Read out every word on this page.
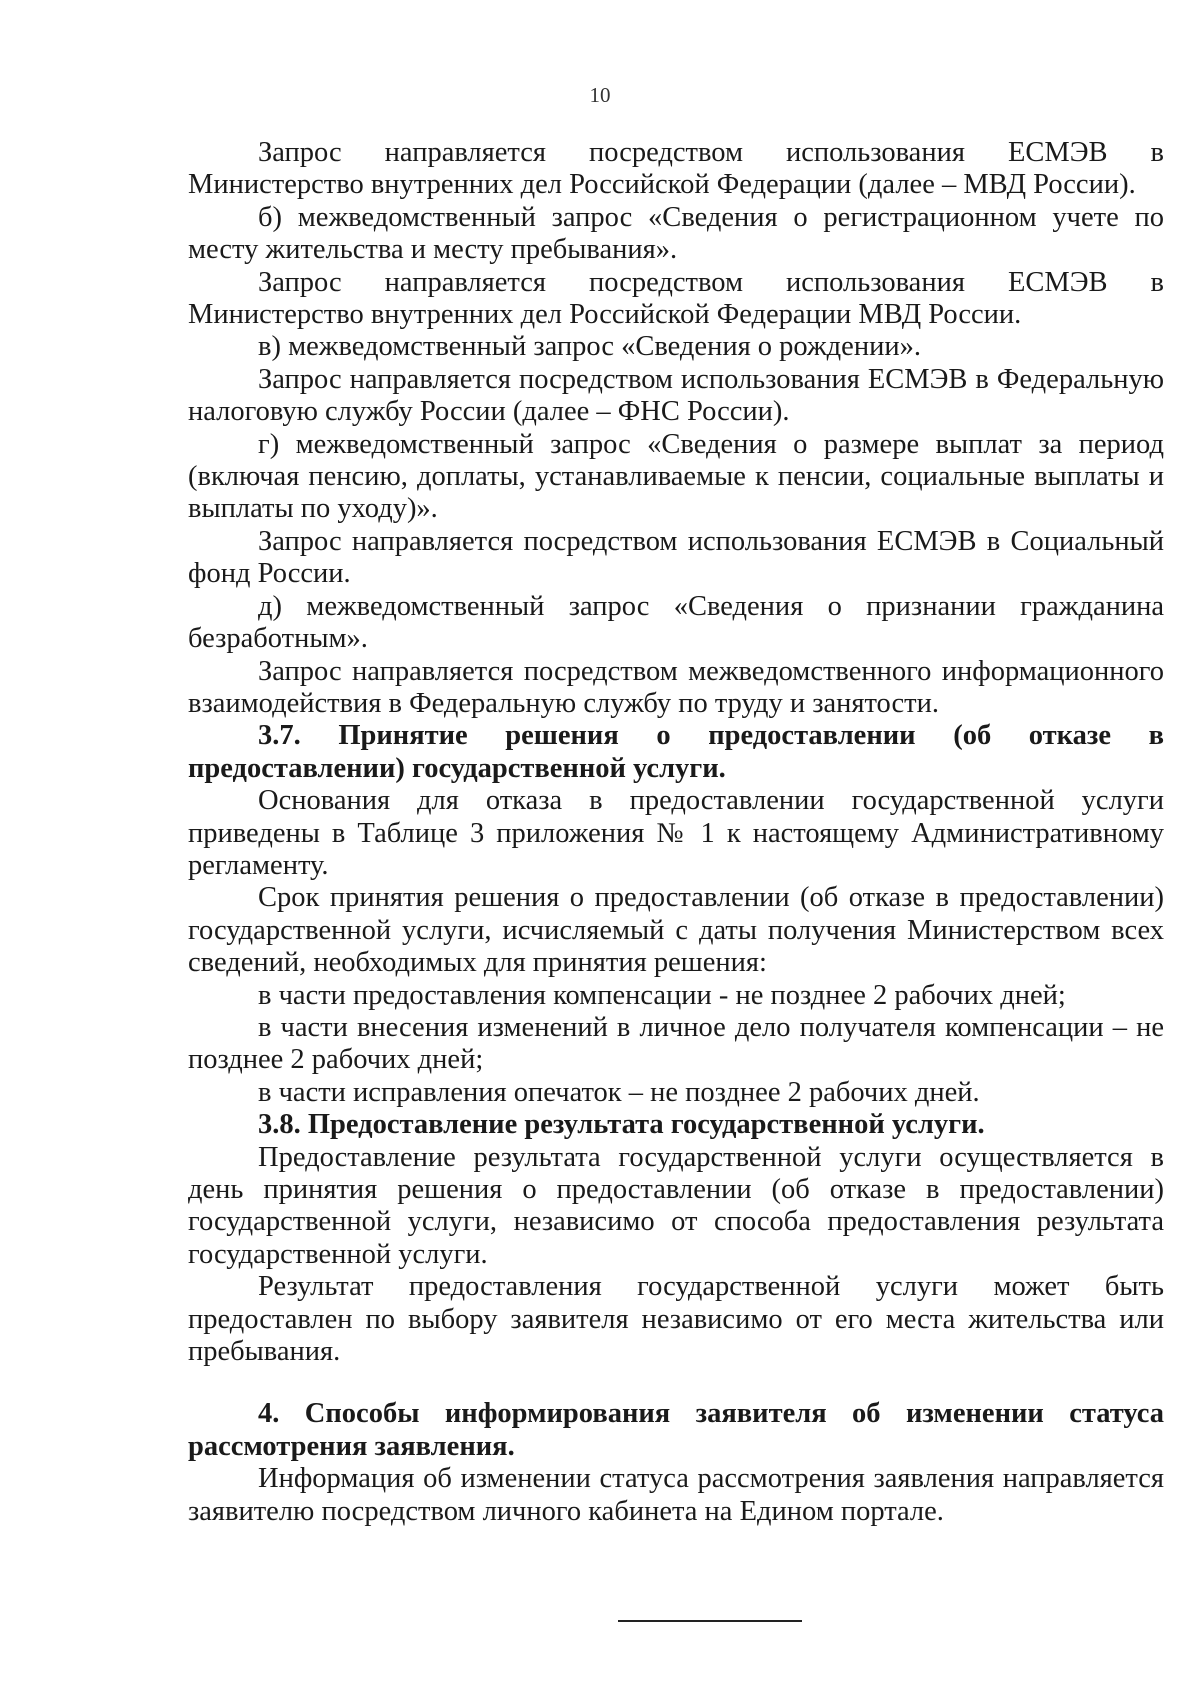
10

Запрос направляется посредством использования ЕСМЭВ в Министерство внутренних дел Российской Федерации (далее – МВД России).

б) межведомственный запрос «Сведения о регистрационном учете по месту жительства и месту пребывания».

Запрос направляется посредством использования ЕСМЭВ в Министерство внутренних дел Российской Федерации МВД России.

в) межведомственный запрос «Сведения о рождении».

Запрос направляется посредством использования ЕСМЭВ в Федеральную налоговую службу России (далее – ФНС России).

г) межведомственный запрос «Сведения о размере выплат за период (включая пенсию, доплаты, устанавливаемые к пенсии, социальные выплаты и выплаты по уходу)».

Запрос направляется посредством использования ЕСМЭВ в Социальный фонд России.

д) межведомственный запрос «Сведения о признании гражданина безработным».

Запрос направляется посредством межведомственного информационного взаимодействия в Федеральную службу по труду и занятости.

3.7. Принятие решения о предоставлении (об отказе в предоставлении) государственной услуги.

Основания для отказа в предоставлении государственной услуги приведены в Таблице 3 приложения № 1 к настоящему Административному регламенту.

Срок принятия решения о предоставлении (об отказе в предоставлении) государственной услуги, исчисляемый с даты получения Министерством всех сведений, необходимых для принятия решения:

в части предоставления компенсации - не позднее 2 рабочих дней;

в части внесения изменений в личное дело получателя компенсации – не позднее 2 рабочих дней;

в части исправления опечаток – не позднее 2 рабочих дней.

3.8. Предоставление результата государственной услуги.

Предоставление результата государственной услуги осуществляется в день принятия решения о предоставлении (об отказе в предоставлении) государственной услуги, независимо от способа предоставления результата государственной услуги.

Результат предоставления государственной услуги может быть предоставлен по выбору заявителя независимо от его места жительства или пребывания.

4. Способы информирования заявителя об изменении статуса рассмотрения заявления.

Информация об изменении статуса рассмотрения заявления направляется заявителю посредством личного кабинета на Едином портале.
